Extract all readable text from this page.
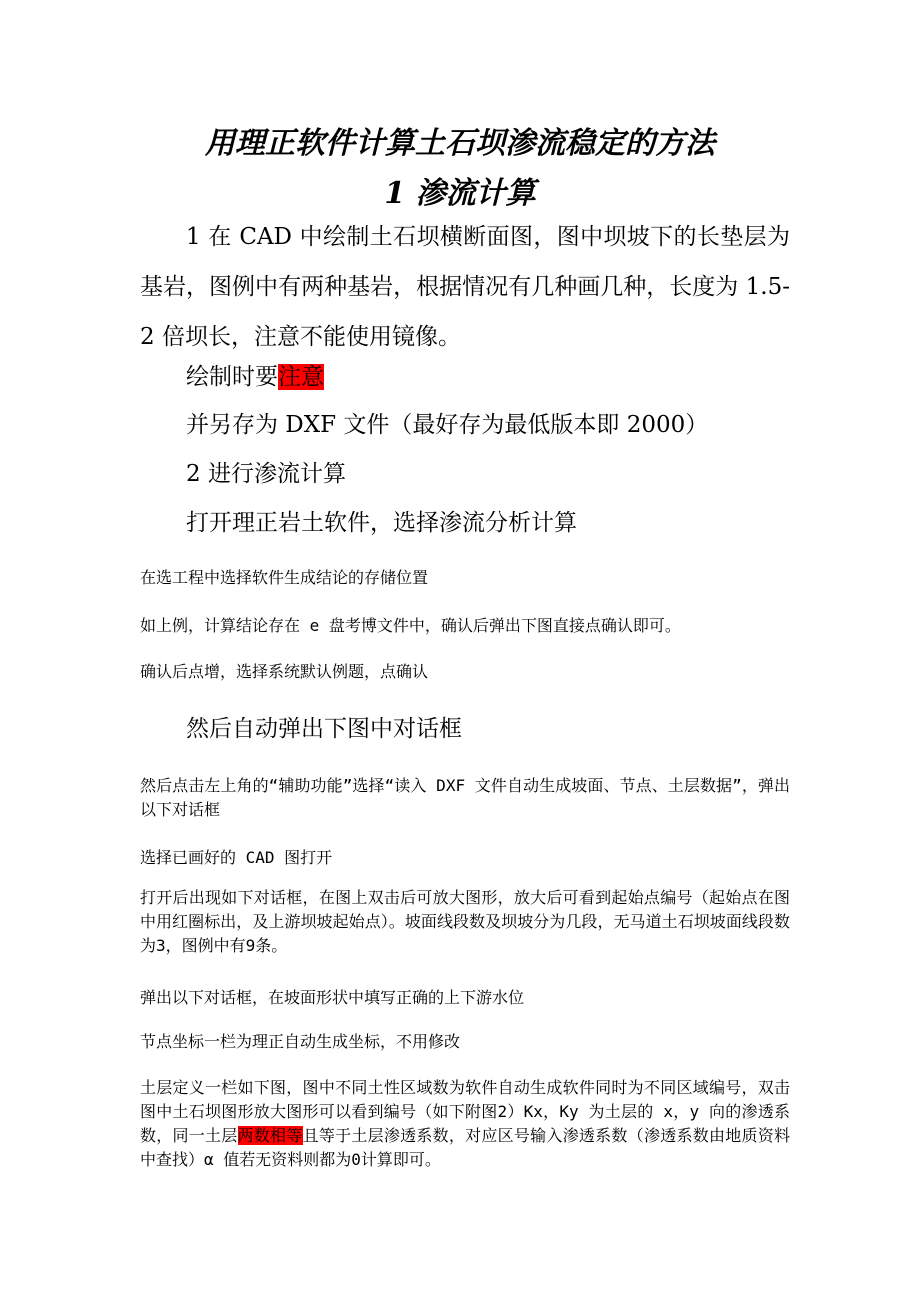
用理正软件计算土石坝渗流稳定的方法
1 渗流计算
1 在 CAD 中绘制土石坝横断面图，图中坝坡下的长垫层为基岩，图例中有两种基岩，根据情况有几种画几种，长度为 1.5-2 倍坝长，注意不能使用镜像。
绘制时要注意
并另存为 DXF 文件（最好存为最低版本即 2000）
2 进行渗流计算
打开理正岩土软件，选择渗流分析计算
在选工程中选择软件生成结论的存储位置
如上例，计算结论存在 e 盘考博文件中，确认后弹出下图直接点确认即可。
确认后点增，选择系统默认例题，点确认
然后自动弹出下图中对话框
然后点击左上角的“辅助功能”选择“读入 DXF 文件自动生成坡面、节点、土层数据”，弹出以下对话框
选择已画好的 CAD 图打开
打开后出现如下对话框，在图上双击后可放大图形，放大后可看到起始点编号（起始点在图中用红圈标出，及上游坝坡起始点）。坡面线段数及坝坡分为几段，无马道土石坝坡面线段数为3，图例中有9条。
弹出以下对话框，在坡面形状中填写正确的上下游水位
节点坐标一栏为理正自动生成坐标，不用修改
土层定义一栏如下图，图中不同土性区域数为软件自动生成软件同时为不同区域编号，双击图中土石坝图形放大图形可以看到编号（如下附图2）Kx，Ky 为土层的 x，y 向的渗透系数，同一土层两数相等且等于土层渗透系数，对应区号输入渗透系数（渗透系数由地质资料中查找）α 值若无资料则都为0计算即可。
